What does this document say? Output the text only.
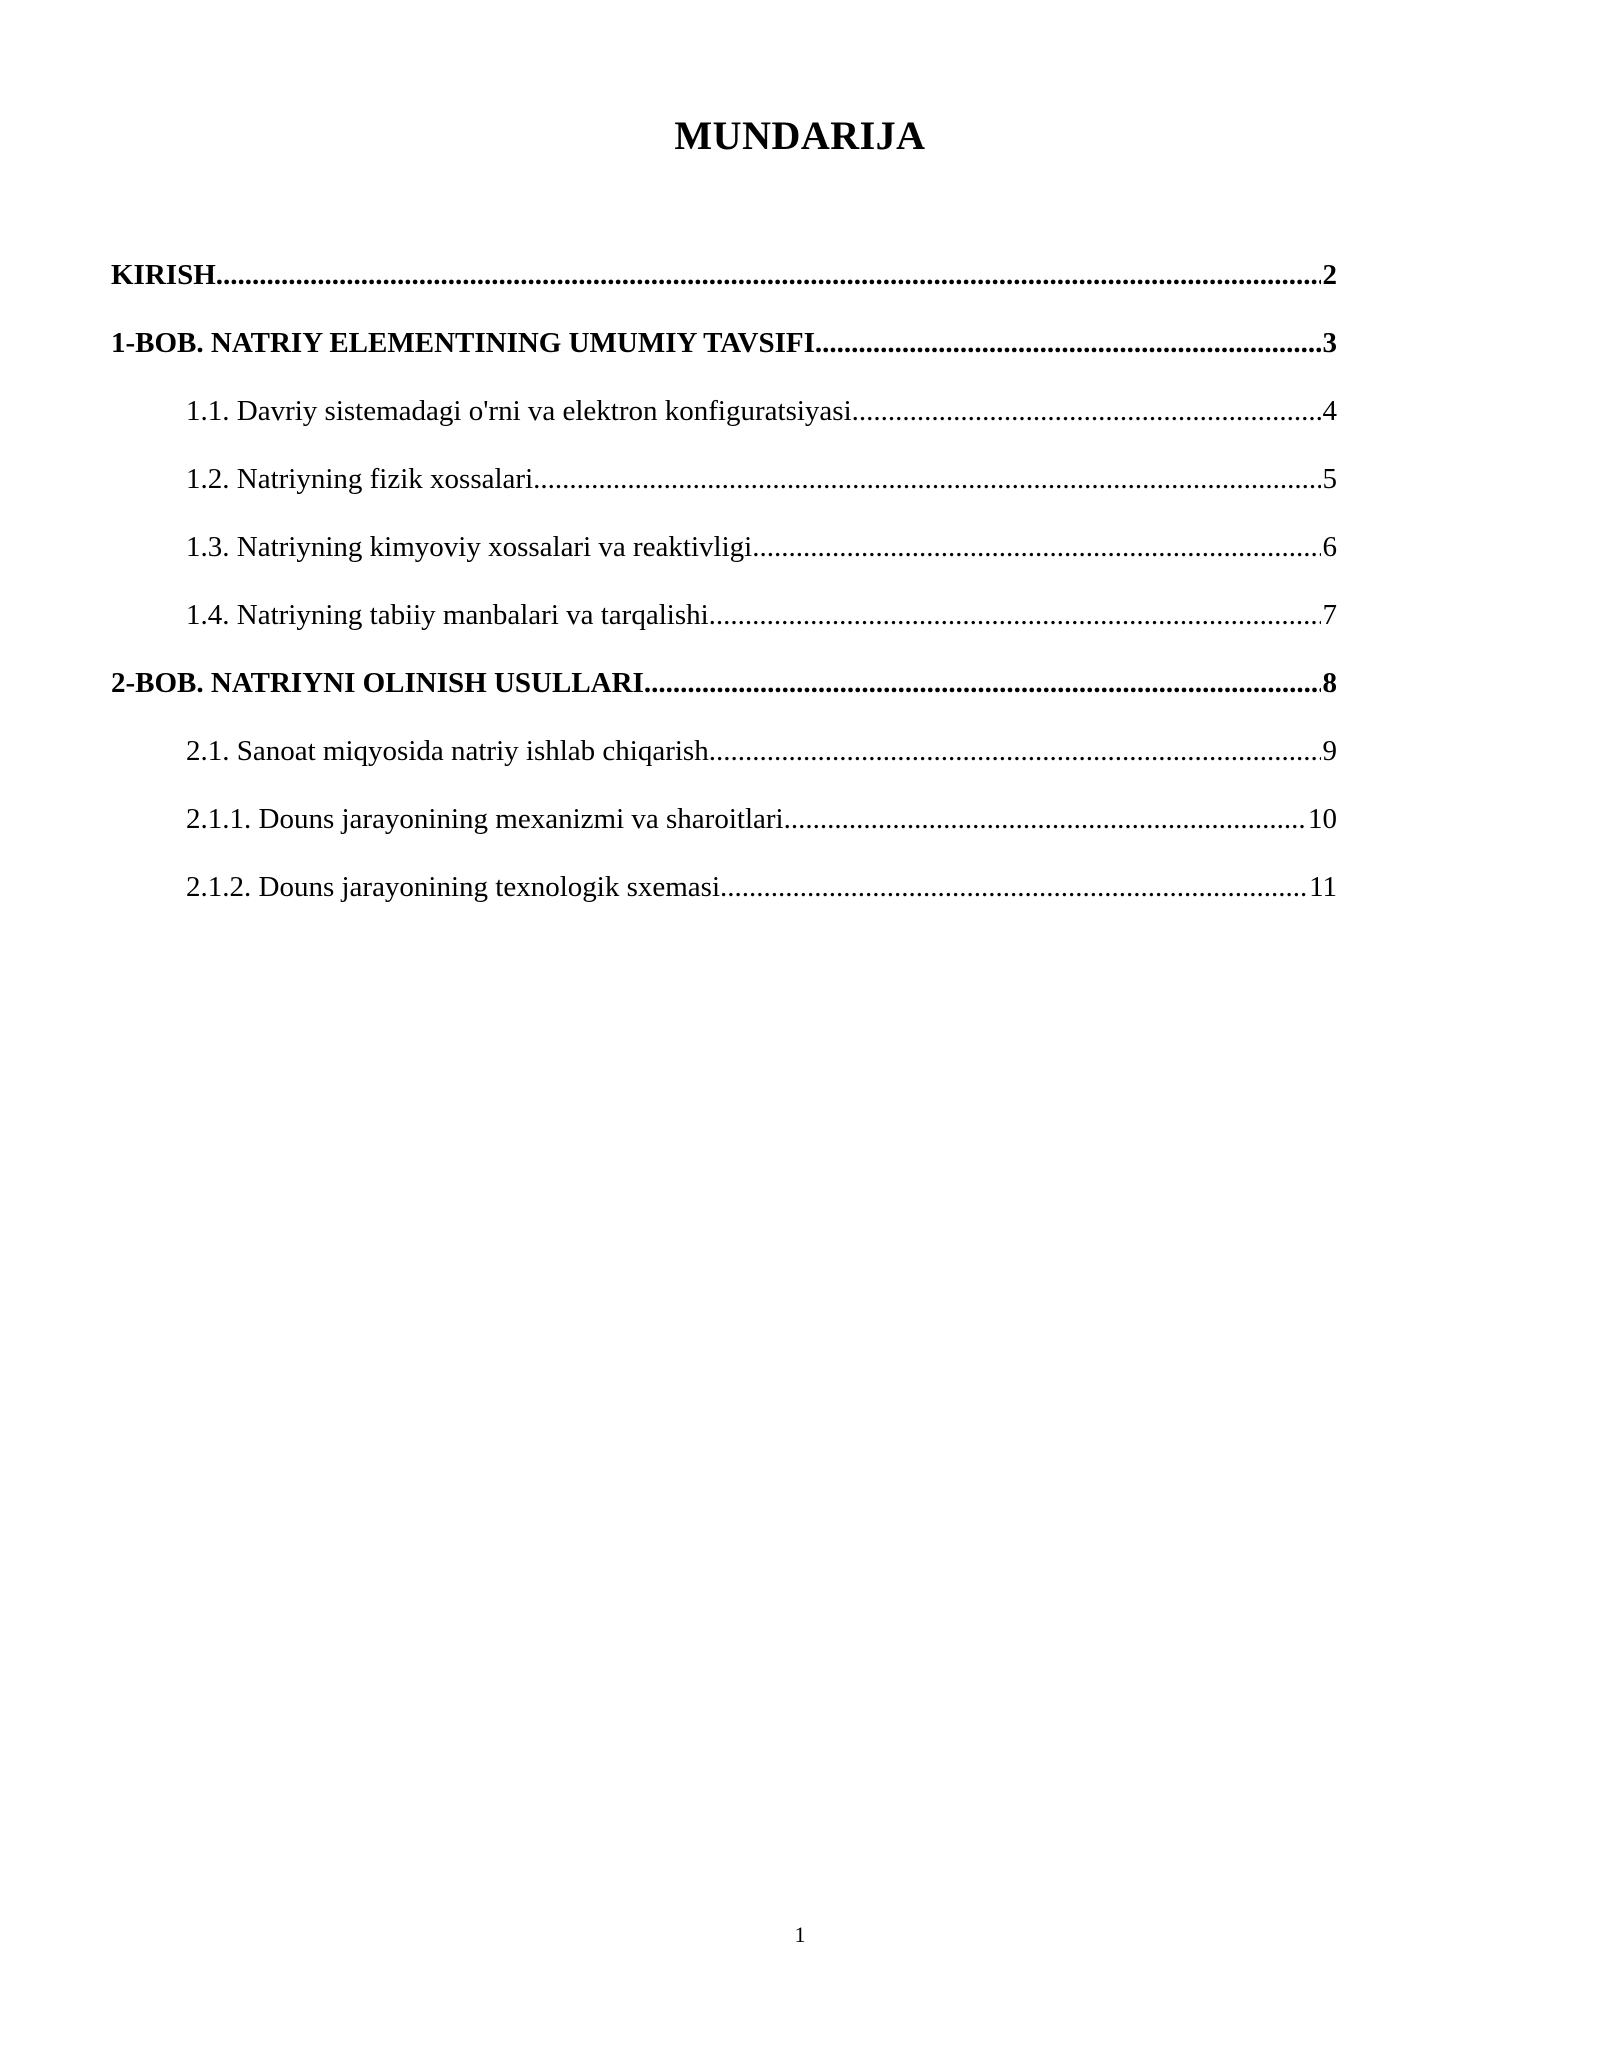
MUNDARIJA
KIRISH .....	2
1-BOB. NATRIY ELEMENTINING UMUMIY TAVSIFI .....	3
1.1. Davriy sistemadagi o'rni va elektron konfiguratsiyasi .....	4
1.2. Natriyning fizik xossalari .....	5
1.3. Natriyning kimyoviy xossalari va reaktivligi .....	6
1.4. Natriyning tabiiy manbalari va tarqalishi .....	7
2-BOB. NATRIYNI OLINISH USULLARI .....	8
2.1. Sanoat miqyosida natriy ishlab chiqarish .....	9
2.1.1. Douns jarayonining mexanizmi va sharoitlari .....	10
2.1.2. Douns jarayonining texnologik sxemasi .....	11
1
